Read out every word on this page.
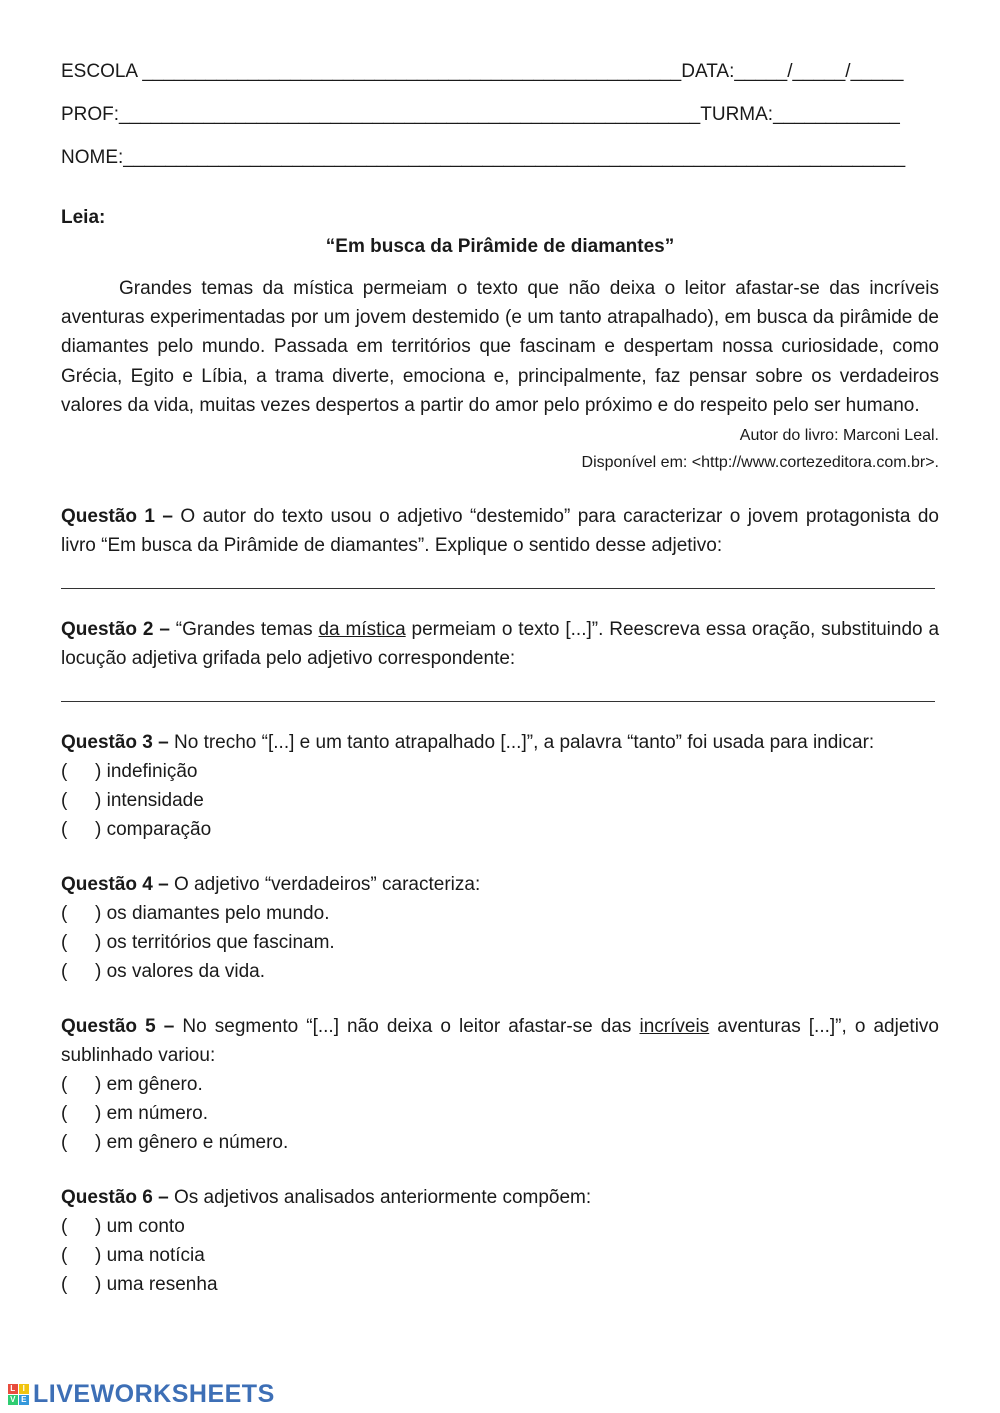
ESCOLA ___________________________________________________DATA:_____/_____/_____
PROF:_______________________________________________________TURMA:____________
NOME:__________________________________________________________________________
Leia:
“Em busca da Pirâmide de diamantes”
Grandes temas da mística permeiam o texto que não deixa o leitor afastar-se das incríveis aventuras experimentadas por um jovem destemido (e um tanto atrapalhado), em busca da pirâmide de diamantes pelo mundo. Passada em territórios que fascinam e despertam nossa curiosidade, como Grécia, Egito e Líbia, a trama diverte, emociona e, principalmente, faz pensar sobre os verdadeiros valores da vida, muitas vezes despertos a partir do amor pelo próximo e do respeito pelo ser humano.
Autor do livro: Marconi Leal.
Disponível em: <http://www.cortezeditora.com.br>.
Questão 1 – O autor do texto usou o adjetivo “destemido” para caracterizar o jovem protagonista do livro “Em busca da Pirâmide de diamantes”. Explique o sentido desse adjetivo:
Questão 2 – “Grandes temas da mística permeiam o texto [...]”. Reescreva essa oração, substituindo a locução adjetiva grifada pelo adjetivo correspondente:
Questão 3 – No trecho “[...] e um tanto atrapalhado [...]”, a palavra “tanto” foi usada para indicar:
(	) indefinição
(	) intensidade
(	) comparação
Questão 4 – O adjetivo “verdadeiros” caracteriza:
(	) os diamantes pelo mundo.
(	) os territórios que fascinam.
(	) os valores da vida.
Questão 5 – No segmento “[...] não deixa o leitor afastar-se das incríveis aventuras [...]”, o adjetivo sublinhado variou:
(	) em gênero.
(	) em número.
(	) em gênero e número.
Questão 6 – Os adjetivos analisados anteriormente compõem:
(	) um conto
(	) uma notícia
(	) uma resenha
L I
V E LIVEWORKSHEETS
